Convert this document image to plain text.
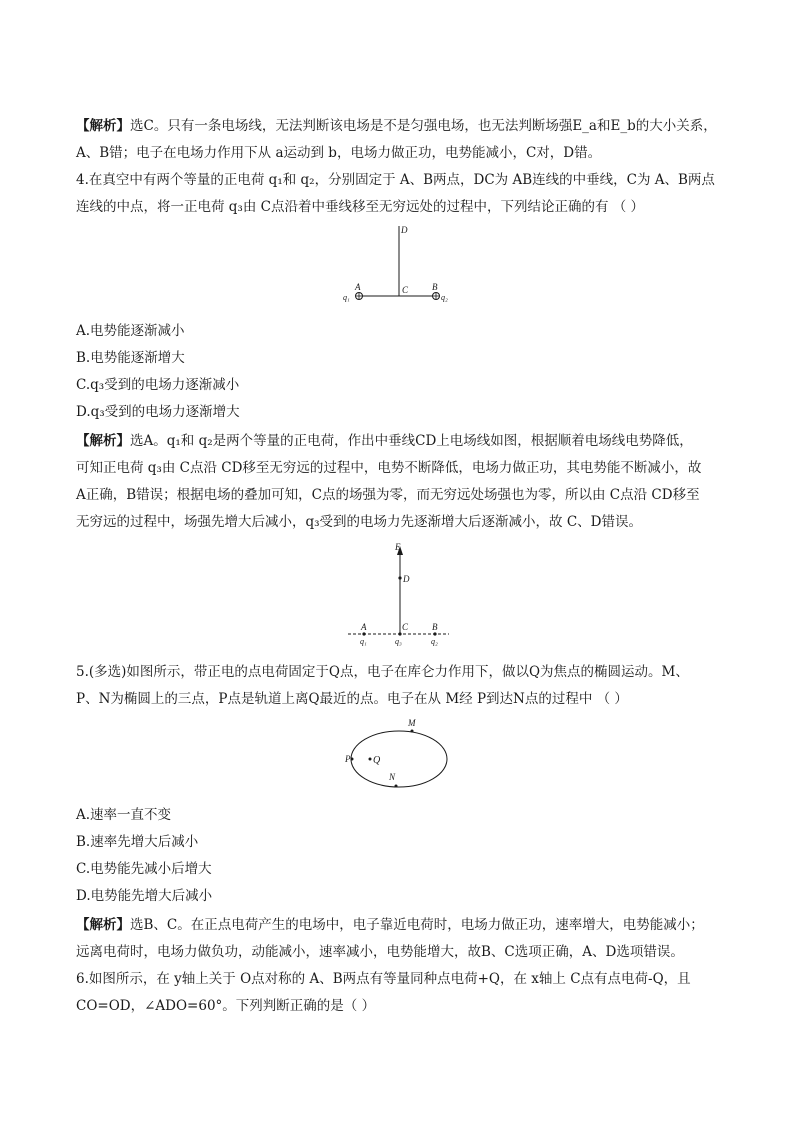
【解析】选C。只有一条电场线，无法判断该电场是不是匀强电场，也无法判断场强E_a和E_b的大小关系，
A、B错；电子在电场力作用下从 a运动到 b，电场力做正功，电势能减小，C对，D错。
4.在真空中有两个等量的正电荷 q₁和 q₂，分别固定于 A、B两点，DC为 AB连线的中垂线，C为 A、B两点
连线的中点，将一正电荷 q₃由 C点沿着中垂线移至无穷远处的过程中，下列结论正确的有 （ ）
D
A	C	B
q₁	q₂
A.电势能逐渐减小
B.电势能逐渐增大
C.q₃受到的电场力逐渐减小
D.q₃受到的电场力逐渐增大
【解析】选A。q₁和 q₂是两个等量的正电荷，作出中垂线CD上电场线如图，根据顺着电场线电势降低，
可知正电荷 q₃由 C点沿 CD移至无穷远的过程中，电势不断降低，电场力做正功，其电势能不断减小，故
A正确，B错误；根据电场的叠加可知，C点的场强为零，而无穷远处场强也为零，所以由 C点沿 CD移至
无穷远的过程中，场强先增大后减小，q₃受到的电场力先逐渐增大后逐渐减小，故 C、D错误。
E
D
A	C	B
q₁	q₃	q₂
5.(多选)如图所示，带正电的点电荷固定于Q点，电子在库仑力作用下，做以Q为焦点的椭圆运动。M、
P、N为椭圆上的三点，P点是轨道上离Q最近的点。电子在从 M经 P到达N点的过程中 （ ）
M
P Q
N
A.速率一直不变
B.速率先增大后减小
C.电势能先减小后增大
D.电势能先增大后减小
【解析】选B、C。在正点电荷产生的电场中，电子靠近电荷时，电场力做正功，速率增大，电势能减小；
远离电荷时，电场力做负功，动能减小，速率减小，电势能增大，故B、C选项正确，A、D选项错误。
6.如图所示，在 y轴上关于 O点对称的 A、B两点有等量同种点电荷+Q，在 x轴上 C点有点电荷-Q，且
CO=OD，∠ADO=60°。下列判断正确的是（ ）
